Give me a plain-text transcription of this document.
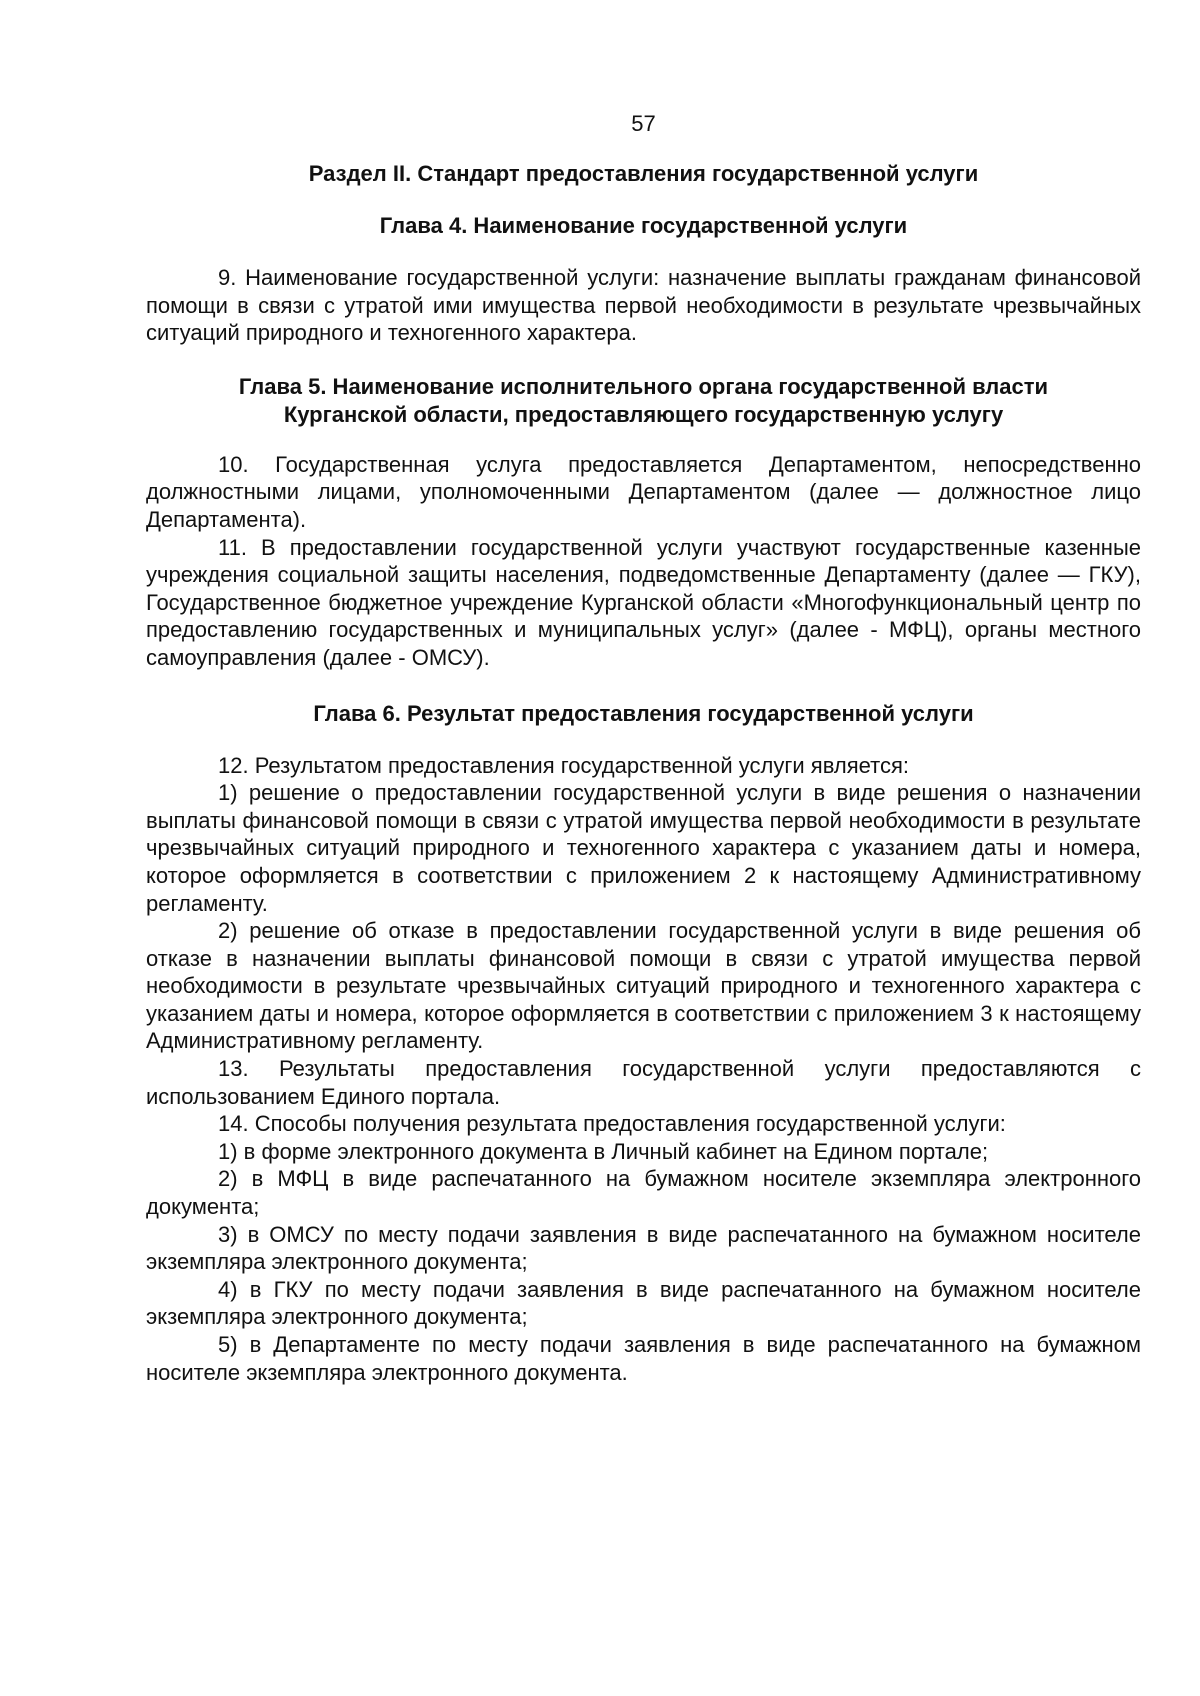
57
Раздел II. Стандарт предоставления государственной услуги
Глава 4. Наименование государственной услуги

9. Наименование государственной услуги: назначение выплаты гражданам финансовой помощи в связи с утратой ими имущества первой необходимости в результате чрезвычайных ситуаций природного и техногенного характера.

Глава 5. Наименование исполнительного органа государственной власти
Курганской области, предоставляющего государственную услугу

10. Государственная услуга предоставляется Департаментом, непосредственно должностными лицами, уполномоченными Департаментом (далее — должностное лицо Департамента).

11. В предоставлении государственной услуги участвуют государственные казенные учреждения социальной защиты населения, подведомственные Департаменту (далее — ГКУ), Государственное бюджетное учреждение Курганской области «Многофункциональный центр по предоставлению государственных и муниципальных услуг» (далее - МФЦ), органы местного самоуправления (далее - ОМСУ).

Глава 6. Результат предоставления государственной услуги

12. Результатом предоставления государственной услуги является:

1) решение о предоставлении государственной услуги в виде решения о назначении выплаты финансовой помощи в связи с утратой имущества первой необходимости в результате чрезвычайных ситуаций природного и техногенного характера с указанием даты и номера, которое оформляется в соответствии с приложением 2 к настоящему Административному регламенту.

2) решение об отказе в предоставлении государственной услуги в виде решения об отказе в назначении выплаты финансовой помощи в связи с утратой имущества первой необходимости в результате чрезвычайных ситуаций природного и техногенного характера с указанием даты и номера, которое оформляется в соответствии с приложением 3 к настоящему Административному регламенту.

13. Результаты предоставления государственной услуги предоставляются с использованием Единого портала.

14. Способы получения результата предоставления государственной услуги:

1) в форме электронного документа в Личный кабинет на Едином портале;

2) в МФЦ в виде распечатанного на бумажном носителе экземпляра электронного документа;

3) в ОМСУ по месту подачи заявления в виде распечатанного на бумажном носителе экземпляра электронного документа;

4) в ГКУ по месту подачи заявления в виде распечатанного на бумажном носителе экземпляра электронного документа;

5) в Департаменте по месту подачи заявления в виде распечатанного на бумажном носителе экземпляра электронного документа.
